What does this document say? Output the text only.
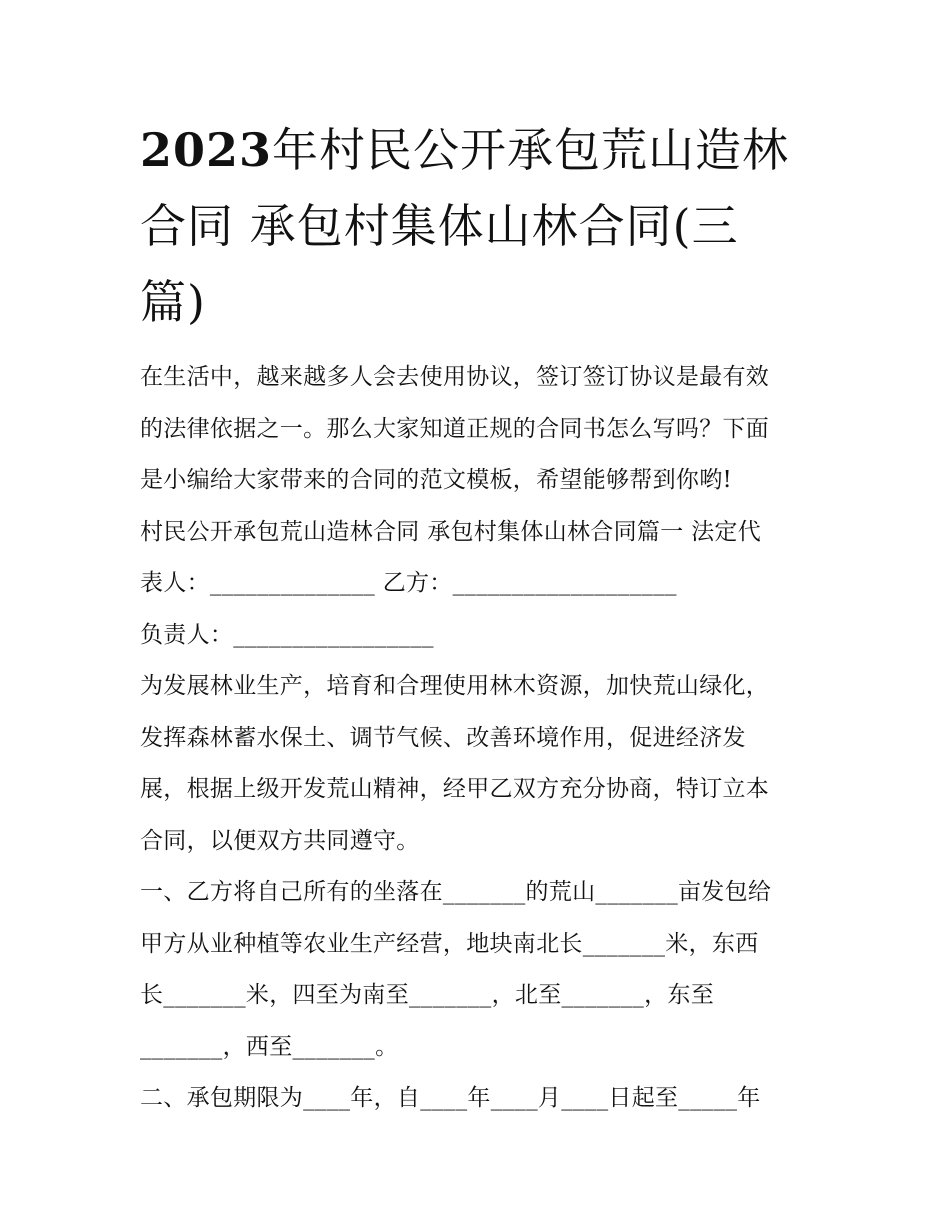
2023年村民公开承包荒山造林
合同 承包村集体山林合同(三
篇)

在生活中，越来越多人会去使用协议，签订签订协议是最有效

的法律依据之一。那么大家知道正规的合同书怎么写吗？下面

是小编给大家带来的合同的范文模板，希望能够帮到你哟!

村民公开承包荒山造林合同 承包村集体山林合同篇一 法定代

表人：______________ 乙方：___________________

负责人：_________________

为发展林业生产，培育和合理使用林木资源，加快荒山绿化，

发挥森林蓄水保土、调节气候、改善环境作用，促进经济发

展，根据上级开发荒山精神，经甲乙双方充分协商，特订立本

合同，以便双方共同遵守。

一、乙方将自己所有的坐落在_______的荒山_______亩发包给

甲方从业种植等农业生产经营，地块南北长_______米，东西

长_______米，四至为南至_______，北至_______，东至

_______，西至_______。

二、承包期限为____年，自____年____月____日起至_____年
